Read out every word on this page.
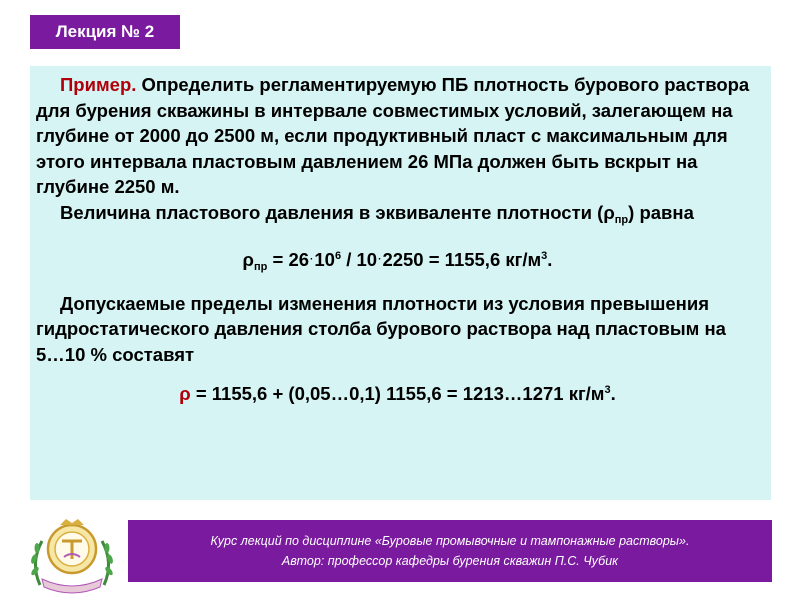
Лекция № 2

Пример. Определить регламентируемую ПБ плотность бурового раствора для бурения скважины в интервале совместимых условий, залегающем на глубине от 2000 до 2500 м, если продуктивный пласт с максимальным для этого интервала пластовым давлением 26 МПа должен быть вскрыт на глубине 2250 м.

Величина пластового давления в эквиваленте плотности $(\rho_{пр})$ равна

$\rho_{пр} = 26^\cdot 10^6 / 10^\cdot 2250 = 1155,6$ $кг/м^3$.

Допускаемые пределы изменения плотности из условия превышения гидростатического давления столба бурового раствора над пластовым на 5…10 % составят

ρ = 1155,6 + (0,05…0,1) 1155,6 = 1213…1271 $кг/м^3$.

Курс лекций по дисциплине «Буровые промывочные и тампонажные растворы».
Автор: профессор кафедры бурения скважин П.С. Чубик
